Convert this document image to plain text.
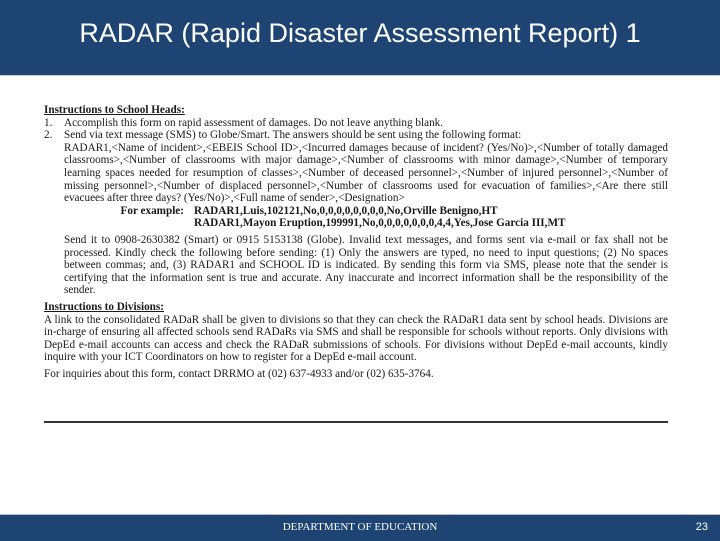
RADAR (Rapid Disaster Assessment Report) 1
Instructions to School Heads:
1.	Accomplish this form on rapid assessment of damages. Do not leave anything blank.
2.	Send via text message (SMS) to Globe/Smart. The answers should be sent using the following format:
RADAR1,<Name of incident>,<EBEIS School ID>,<Incurred damages because of incident? (Yes/No)>,<Number of totally damaged classrooms>,<Number of classrooms with major damage>,<Number of classrooms with minor damage>,<Number of temporary learning spaces needed for resumption of classes>,<Number of deceased personnel>,<Number of injured personnel>,<Number of missing personnel>,<Number of displaced personnel>,<Number of classrooms used for evacuation of families>,<Are there still evacuees after three days? (Yes/No)>,<Full name of sender>,<Designation>
For example: RADAR1,Luis,102121,No,0,0,0,0,0,0,0,0,No,Orville Benigno,HT
RADAR1,Mayon Eruption,199991,No,0,0,0,0,0,0,0,4,4,Yes,Jose Garcia III,MT
Send it to 0908-2630382 (Smart) or 0915 5153138 (Globe). Invalid text messages, and forms sent via e-mail or fax shall not be processed. Kindly check the following before sending: (1) Only the answers are typed, no need to input questions; (2) No spaces between commas; and, (3) RADAR1 and SCHOOL ID is indicated. By sending this form via SMS, please note that the sender is certifying that the information sent is true and accurate. Any inaccurate and incorrect information shall be the responsibility of the sender.
Instructions to Divisions:
A link to the consolidated RADaR shall be given to divisions so that they can check the RADaR1 data sent by school heads. Divisions are in-charge of ensuring all affected schools send RADaRs via SMS and shall be responsible for schools without reports. Only divisions with DepEd e-mail accounts can access and check the RADaR submissions of schools. For divisions without DepEd e-mail accounts, kindly inquire with your ICT Coordinators on how to register for a DepEd e-mail account.
For inquiries about this form, contact DRRMO at (02) 637-4933 and/or (02) 635-3764.
DEPARTMENT OF EDUCATION	23
